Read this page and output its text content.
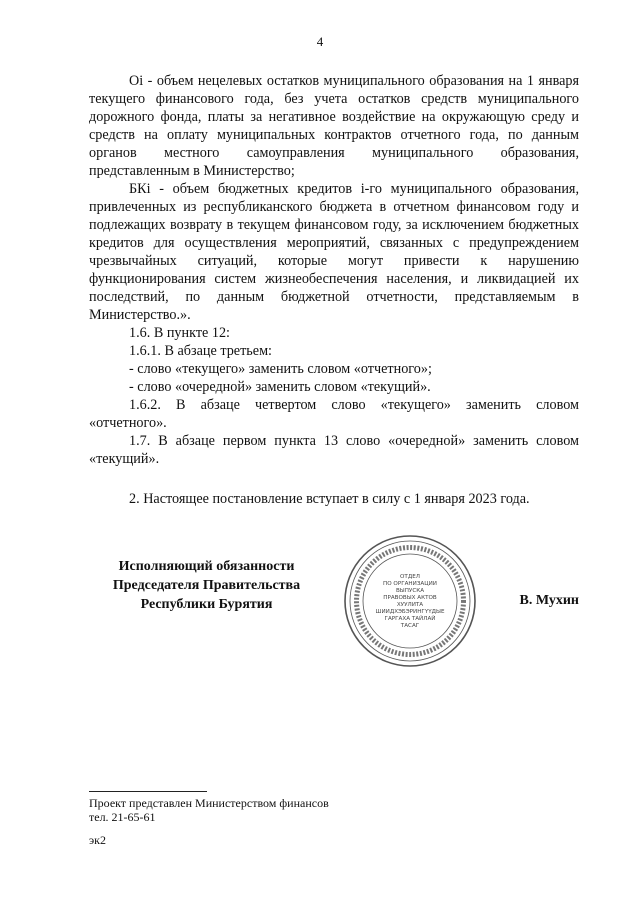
4

Оi - объем нецелевых остатков муниципального образования на 1 января текущего финансового года, без учета остатков средств муниципального дорожного фонда, платы за негативное воздействие на окружающую среду и средств на оплату муниципальных контрактов отчетного года, по данным органов местного самоуправления муниципального образования, представленным в Министерство;

БКi - объем бюджетных кредитов i-го муниципального образования, привлеченных из республиканского бюджета в отчетном финансовом году и подлежащих возврату в текущем финансовом году, за исключением бюджетных кредитов для осуществления мероприятий, связанных с предупреждением чрезвычайных ситуаций, которые могут привести к нарушению функционирования систем жизнеобеспечения населения, и ликвидацией их последствий, по данным бюджетной отчетности, представляемым в Министерство.».

1.6. В пункте 12:

1.6.1. В абзаце третьем:

- слово «текущего» заменить словом «отчетного»;

- слово «очередной» заменить словом «текущий».

1.6.2. В абзаце четвертом слово «текущего» заменить словом «отчетного».

1.7. В абзаце первом пункта 13 слово «очередной» заменить словом «текущий».

2. Настоящее постановление вступает в силу с 1 января 2023 года.

Исполняющий обязанности
Председателя Правительства
Республики Бурятия
ОТДЕЛ
ПО ОРГАНИЗАЦИИ
ВЫПУСКА
ПРАВОВЫХ АКТОВ
ХУУЛИТА
ШИИДХЭБЭРИНГҮҮДЫЕ
ГАРГАХА ТАЙЛАЙ
ТАСАГ
В. Мухин
Проект представлен Министерством финансов
тел. 21-65-61
эк2
